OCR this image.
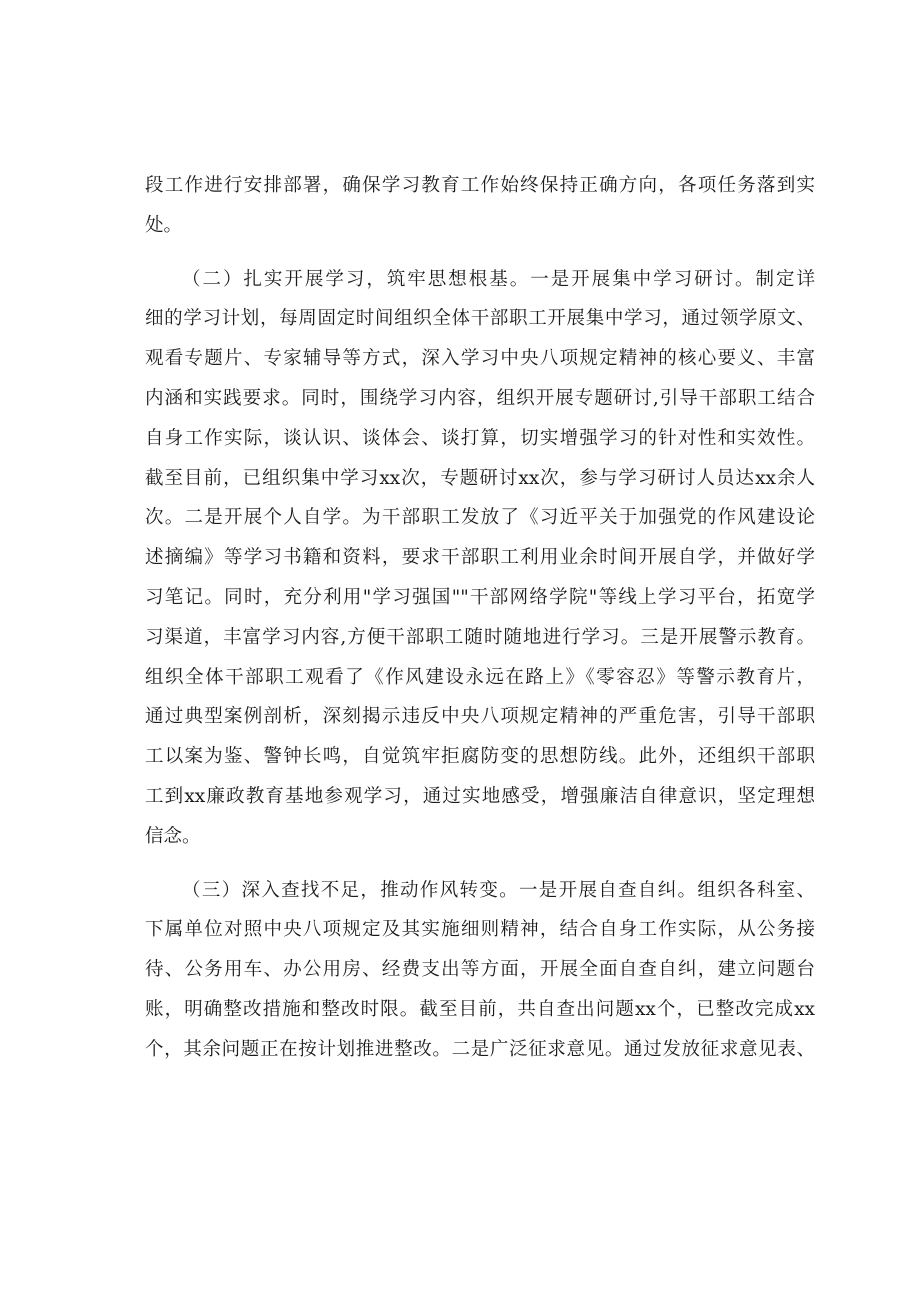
段工作进行安排部署，确保学习教育工作始终保持正确方向，各项任务落到实
处。
（二）扎实开展学习，筑牢思想根基。一是开展集中学习研讨。制定详
细的学习计划，每周固定时间组织全体干部职工开展集中学习，通过领学原文、
观看专题片、专家辅导等方式，深入学习中央八项规定精神的核心要义、丰富
内涵和实践要求。同时，围绕学习内容，组织开展专题研讨,引导干部职工结合
自身工作实际，谈认识、谈体会、谈打算，切实增强学习的针对性和实效性。
截至目前，已组织集中学习xx次，专题研讨xx次，参与学习研讨人员达xx余人
次。二是开展个人自学。为干部职工发放了《习近平关于加强党的作风建设论
述摘编》等学习书籍和资料，要求干部职工利用业余时间开展自学，并做好学
习笔记。同时，充分利用"学习强国""干部网络学院"等线上学习平台，拓宽学
习渠道，丰富学习内容,方便干部职工随时随地进行学习。三是开展警示教育。
组织全体干部职工观看了《作风建设永远在路上》《零容忍》等警示教育片，
通过典型案例剖析，深刻揭示违反中央八项规定精神的严重危害，引导干部职
工以案为鉴、警钟长鸣，自觉筑牢拒腐防变的思想防线。此外，还组织干部职
工到xx廉政教育基地参观学习，通过实地感受，增强廉洁自律意识，坚定理想
信念。
（三）深入查找不足，推动作风转变。一是开展自查自纠。组织各科室、
下属单位对照中央八项规定及其实施细则精神，结合自身工作实际，从公务接
待、公务用车、办公用房、经费支出等方面，开展全面自查自纠，建立问题台
账，明确整改措施和整改时限。截至目前，共自查出问题xx个，已整改完成xx
个，其余问题正在按计划推进整改。二是广泛征求意见。通过发放征求意见表、
